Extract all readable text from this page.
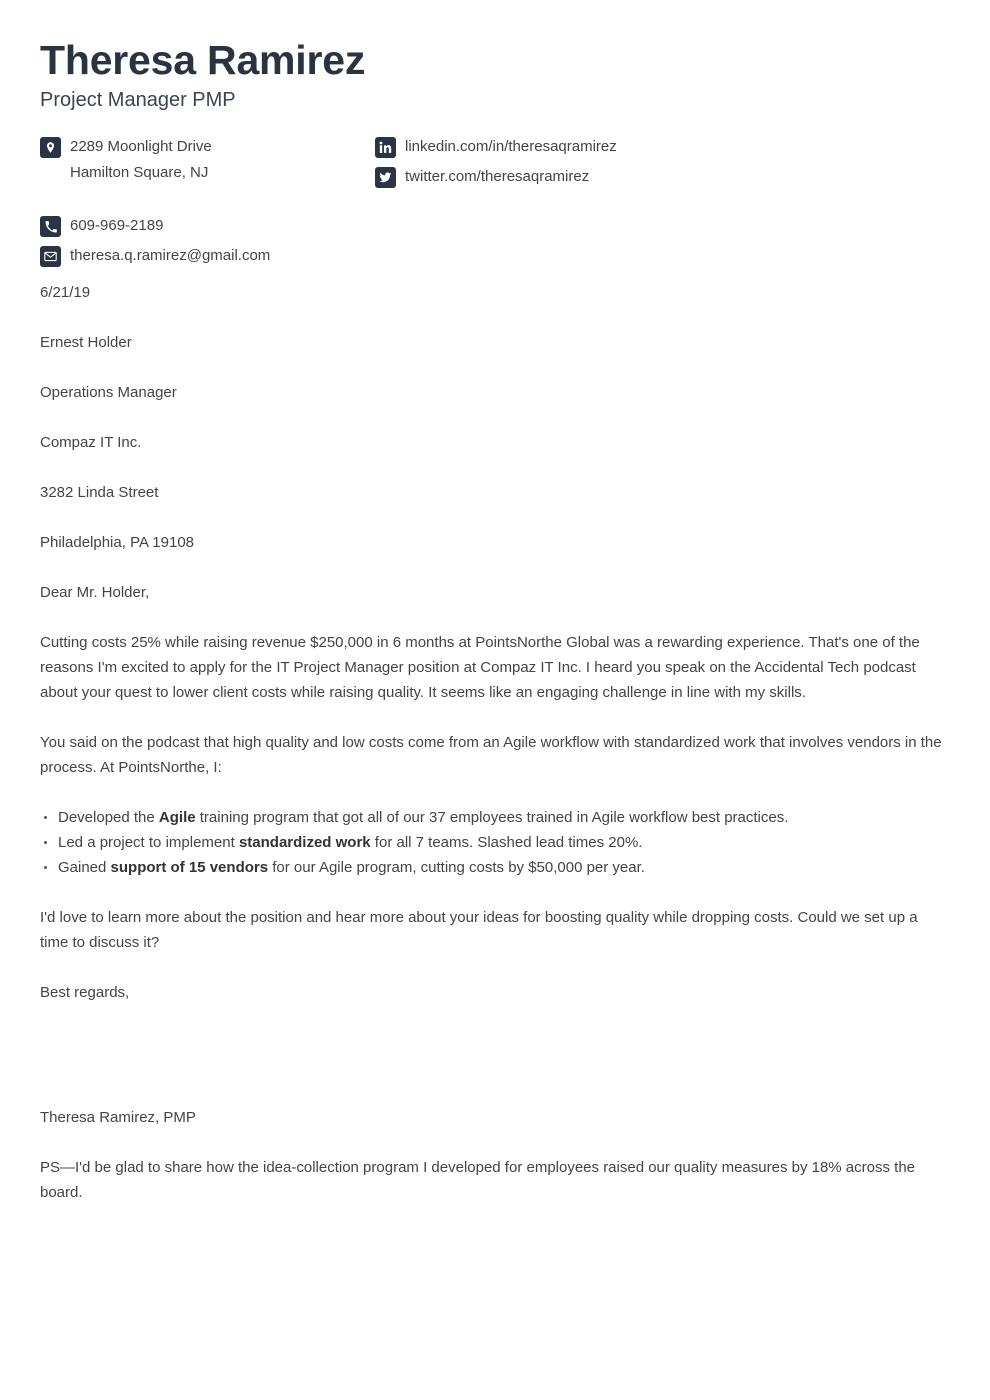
Theresa Ramirez
Project Manager PMP
2289 Moonlight Drive
Hamilton Square, NJ
609-969-2189
theresa.q.ramirez@gmail.com
linkedin.com/in/theresaqramirez
twitter.com/theresaqramirez

6/21/19

Ernest Holder

Operations Manager

Compaz IT Inc.

3282 Linda Street

Philadelphia, PA 19108

Dear Mr. Holder,

Cutting costs 25% while raising revenue $250,000 in 6 months at PointsNorthe Global was a rewarding experience. That's one of the reasons I'm excited to apply for the IT Project Manager position at Compaz IT Inc. I heard you speak on the Accidental Tech podcast about your quest to lower client costs while raising quality. It seems like an engaging challenge in line with my skills.

You said on the podcast that high quality and low costs come from an Agile workflow with standardized work that involves vendors in the process. At PointsNorthe, I:

Developed the Agile training program that got all of our 37 employees trained in Agile workflow best practices.
Led a project to implement standardized work for all 7 teams. Slashed lead times 20%.
Gained support of 15 vendors for our Agile program, cutting costs by $50,000 per year.

I'd love to learn more about the position and hear more about your ideas for boosting quality while dropping costs. Could we set up a time to discuss it?

Best regards,

Theresa Ramirez, PMP

PS—I'd be glad to share how the idea-collection program I developed for employees raised our quality measures by 18% across the board.
